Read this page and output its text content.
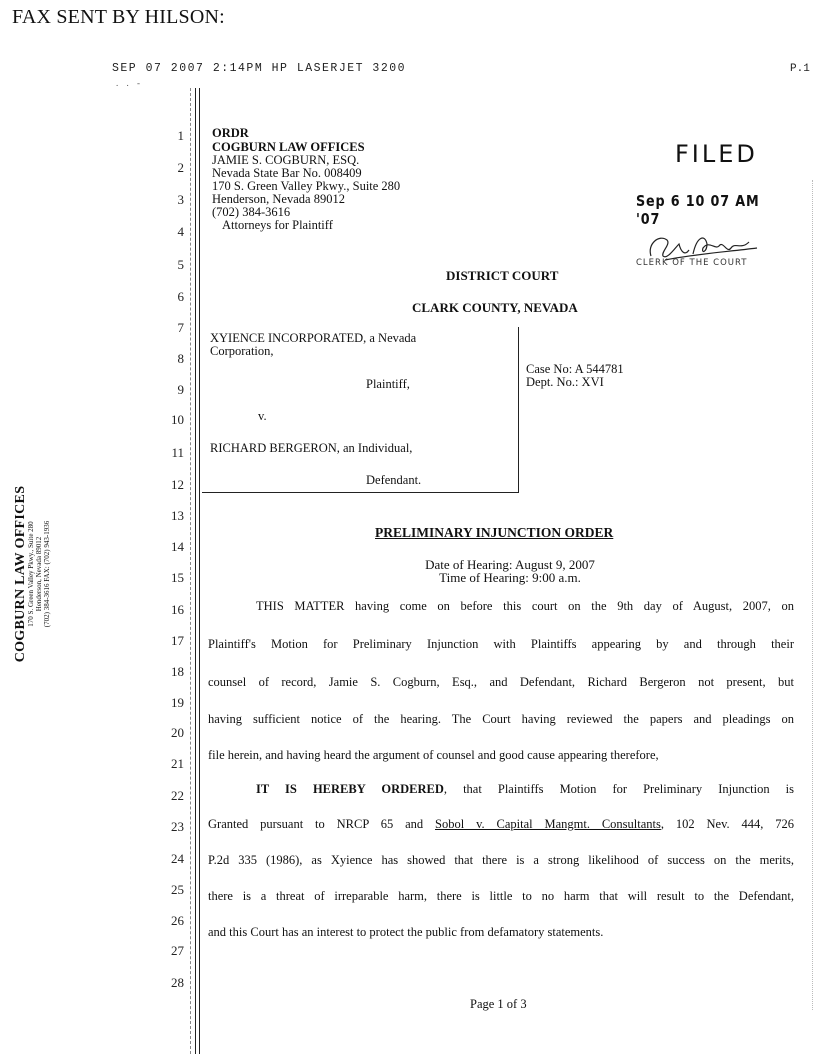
FAX SENT BY HILSON:
SEP 07 2007 2:14PM HP LASERJET 3200	P.1
. . -
1
2
3
4
5
6
7
8
9
10
11
12
13
14
15
16
17
18
19
20
21
22
23
24
25
26
27
28
COGBURN LAW OFFICES 170 S. Green Valley Pkwy., Suite 280 Henderson, Nevada 89012 (702) 384-3616 FAX: (702) 943-1936
ORDR
COGBURN LAW OFFICES
JAMIE S. COGBURN, ESQ.
Nevada State Bar No. 008409
170 S. Green Valley Pkwy., Suite 280
Henderson, Nevada 89012
(702) 384-3616
Attorneys for Plaintiff
FILED
Sep 6 10 07 AM '07
CLERK OF THE COURT
DISTRICT COURT
CLARK COUNTY, NEVADA
XYIENCE INCORPORATED, a Nevada
Corporation,
Plaintiff,
v.
RICHARD BERGERON, an Individual,
Defendant.
Case No: A 544781
Dept. No.: XVI
PRELIMINARY INJUNCTION ORDER
Date of Hearing: August 9, 2007
Time of Hearing: 9:00 a.m.
THIS MATTER having come on before this court on the 9th day of August, 2007, on
Plaintiff's Motion for Preliminary Injunction with Plaintiffs appearing by and through their
counsel of record, Jamie S. Cogburn, Esq., and Defendant, Richard Bergeron not present, but
having sufficient notice of the hearing. The Court having reviewed the papers and pleadings on
file herein, and having heard the argument of counsel and good cause appearing therefore,
IT IS HEREBY ORDERED, that Plaintiffs Motion for Preliminary Injunction is
Granted pursuant to NRCP 65 and Sobol v. Capital Mangmt. Consultants, 102 Nev. 444, 726
P.2d 335 (1986), as Xyience has showed that there is a strong likelihood of success on the merits,
there is a threat of irreparable harm, there is little to no harm that will result to the Defendant,
and this Court has an interest to protect the public from defamatory statements.
Page 1 of 3
